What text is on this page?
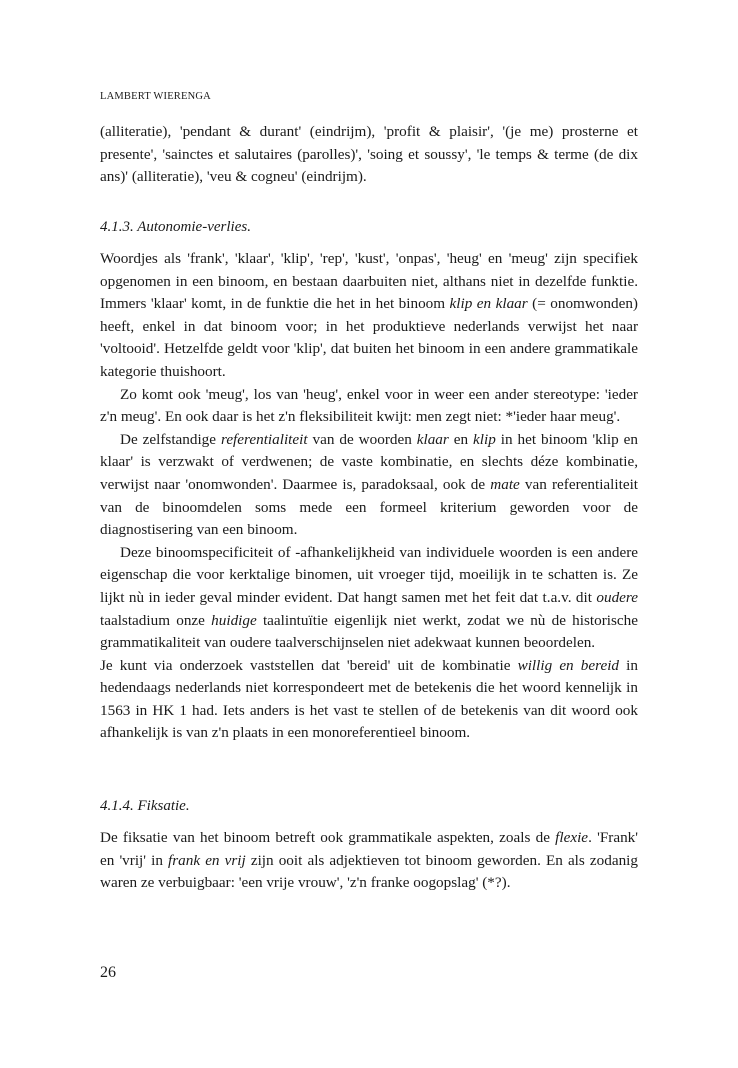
LAMBERT WIERENGA

(alliteratie), 'pendant & durant' (eindrijm), 'profit & plaisir', '(je me) prosterne et presente', 'sainctes et salutaires (parolles)', 'soing et soussy', 'le temps & terme (de dix ans)' (alliteratie), 'veu & cogneu' (eindrijm).

4.1.3. Autonomie-verlies.

Woordjes als 'frank', 'klaar', 'klip', 'rep', 'kust', 'onpas', 'heug' en 'meug' zijn specifiek opgenomen in een binoom, en bestaan daarbuiten niet, althans niet in dezelfde funktie. Immers 'klaar' komt, in de funktie die het in het binoom klip en klaar (= onomwonden) heeft, enkel in dat binoom voor; in het produktieve nederlands verwijst het naar 'voltooid'. Hetzelfde geldt voor 'klip', dat buiten het binoom in een andere grammatikale kategorie thuishoort.

Zo komt ook 'meug', los van 'heug', enkel voor in weer een ander stereotype: 'ieder z'n meug'. En ook daar is het z'n fleksibiliteit kwijt: men zegt niet: *'ieder haar meug'.

De zelfstandige referentialiteit van de woorden klaar en klip in het binoom 'klip en klaar' is verzwakt of verdwenen; de vaste kombinatie, en slechts déze kombinatie, verwijst naar 'onomwonden'. Daarmee is, paradoksaal, ook de mate van referentialiteit van de binoomdelen soms mede een formeel kriterium geworden voor de diagnostisering van een binoom.

Deze binoomspecificiteit of -afhankelijkheid van individuele woorden is een andere eigenschap die voor kerktalige binomen, uit vroeger tijd, moeilijk in te schatten is. Ze lijkt nù in ieder geval minder evident. Dat hangt samen met het feit dat t.a.v. dit oudere taalstadium onze huidige taalintuïtie eigenlijk niet werkt, zodat we nù de historische grammatikaliteit van oudere taalverschijnselen niet adekwaat kunnen beoordelen.

Je kunt via onderzoek vaststellen dat 'bereid' uit de kombinatie willig en bereid in hedendaags nederlands niet korrespondeert met de betekenis die het woord kennelijk in 1563 in HK 1 had. Iets anders is het vast te stellen of de betekenis van dit woord ook afhankelijk is van z'n plaats in een monoreferentieel binoom.

4.1.4. Fiksatie.

De fiksatie van het binoom betreft ook grammatikale aspekten, zoals de flexie. 'Frank' en 'vrij' in frank en vrij zijn ooit als adjektieven tot binoom geworden. En als zodanig waren ze verbuigbaar: 'een vrije vrouw', 'z'n franke oogopslag' (*?).

26
